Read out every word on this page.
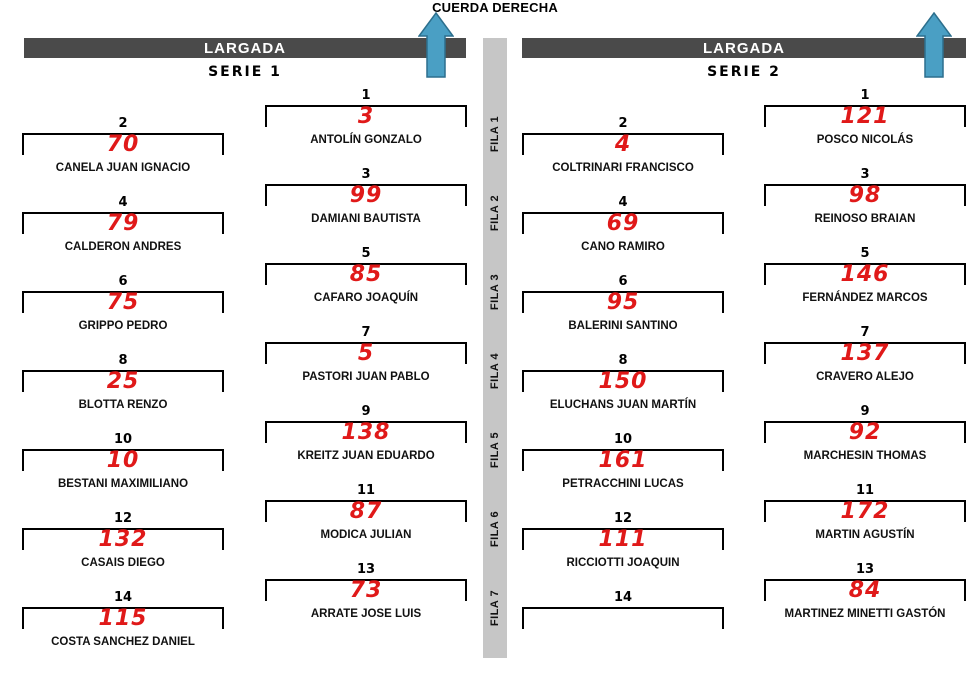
CUERDA DERECHA
LARGADA
SERIE 1
LARGADA
SERIE 2
FILA 1
FILA 2
FILA 3
FILA 4
FILA 5
FILA 6
FILA 7
1
3
ANTOLÍN GONZALO
2
70
CANELA JUAN IGNACIO	3
99
DAMIANI BAUTISTA
4
79
CALDERON ANDRES	5
85
CAFARO JOAQUÍN
6
75
GRIPPO PEDRO	7
5
PASTORI JUAN PABLO
8
25
BLOTTA RENZO	9
138
KREITZ JUAN EDUARDO
10
10
BESTANI MAXIMILIANO	11
87
MODICA JULIAN
12
132
CASAIS DIEGO	13
73
ARRATE JOSE LUIS
14
115
COSTA SANCHEZ DANIEL
1
121
POSCO NICOLÁS
2
4
COLTRINARI FRANCISCO	3
98
REINOSO BRAIAN
4
69
CANO RAMIRO	5
146
FERNÁNDEZ MARCOS
6
95
BALERINI SANTINO	7
137
CRAVERO ALEJO
8
150
ELUCHANS JUAN MARTÍN	9
92
MARCHESIN THOMAS
10
161
PETRACCHINI LUCAS	11
172
MARTIN AGUSTÍN
12
111
RICCIOTTI JOAQUIN	13
84
MARTINEZ MINETTI GASTÓN
14
